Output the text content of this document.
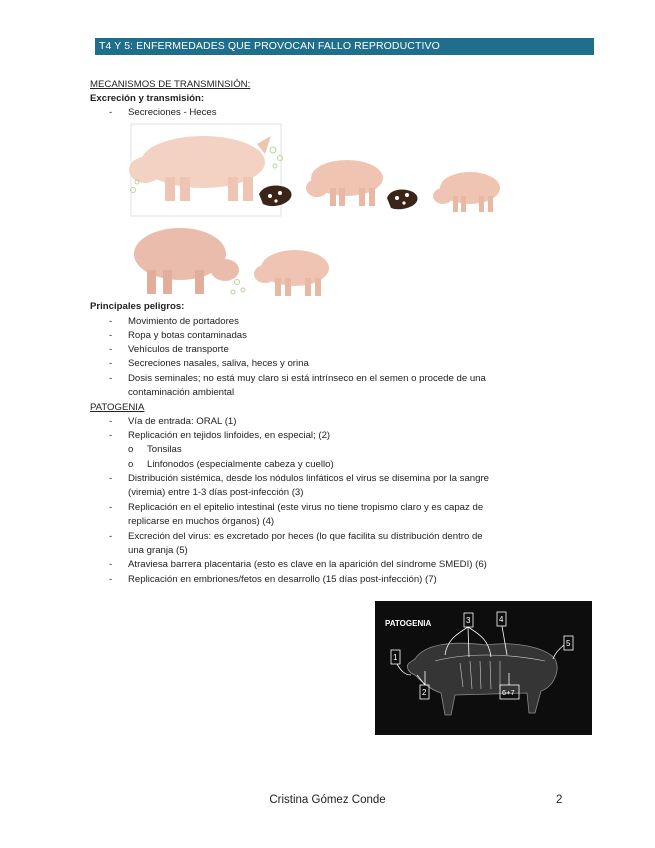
T4 Y 5: ENFERMEDADES QUE PROVOCAN FALLO REPRODUCTIVO
MECANISMOS DE TRANSMINSIÓN:
Excreción y transmisión:
- Secreciones - Heces
Principales peligros:
- Movimiento de portadores
- Ropa y botas contaminadas
- Vehículos de transporte
- Secreciones nasales, saliva, heces y orina
- Dosis seminales; no está muy claro si está intrínseco en el semen o procede de una
contaminación ambiental
PATOGENIA
- Vía de entrada: ORAL (1)
- Replicación en tejidos linfoides, en especial; (2)
o Tonsilas
o Linfonodos (especialmente cabeza y cuello)
- Distribución sistémica, desde los nódulos linfáticos el virus se disemina por la sangre
(viremia) entre 1-3 días post-infección (3)
- Replicación en el epitelio intestinal (este virus no tiene tropismo claro y es capaz de
replicarse en muchos órganos) (4)
- Excreción del virus: es excretado por heces (lo que facilita su distribución dentro de
una granja (5)
- Atraviesa barrera placentaria (esto es clave en la aparición del síndrome SMEDI) (6)
- Replicación en embriones/fetos en desarrollo (15 días post-infección) (7)
PATOGENIA
1
2
3	4
5
6+7
Cristina Gómez Conde	2
